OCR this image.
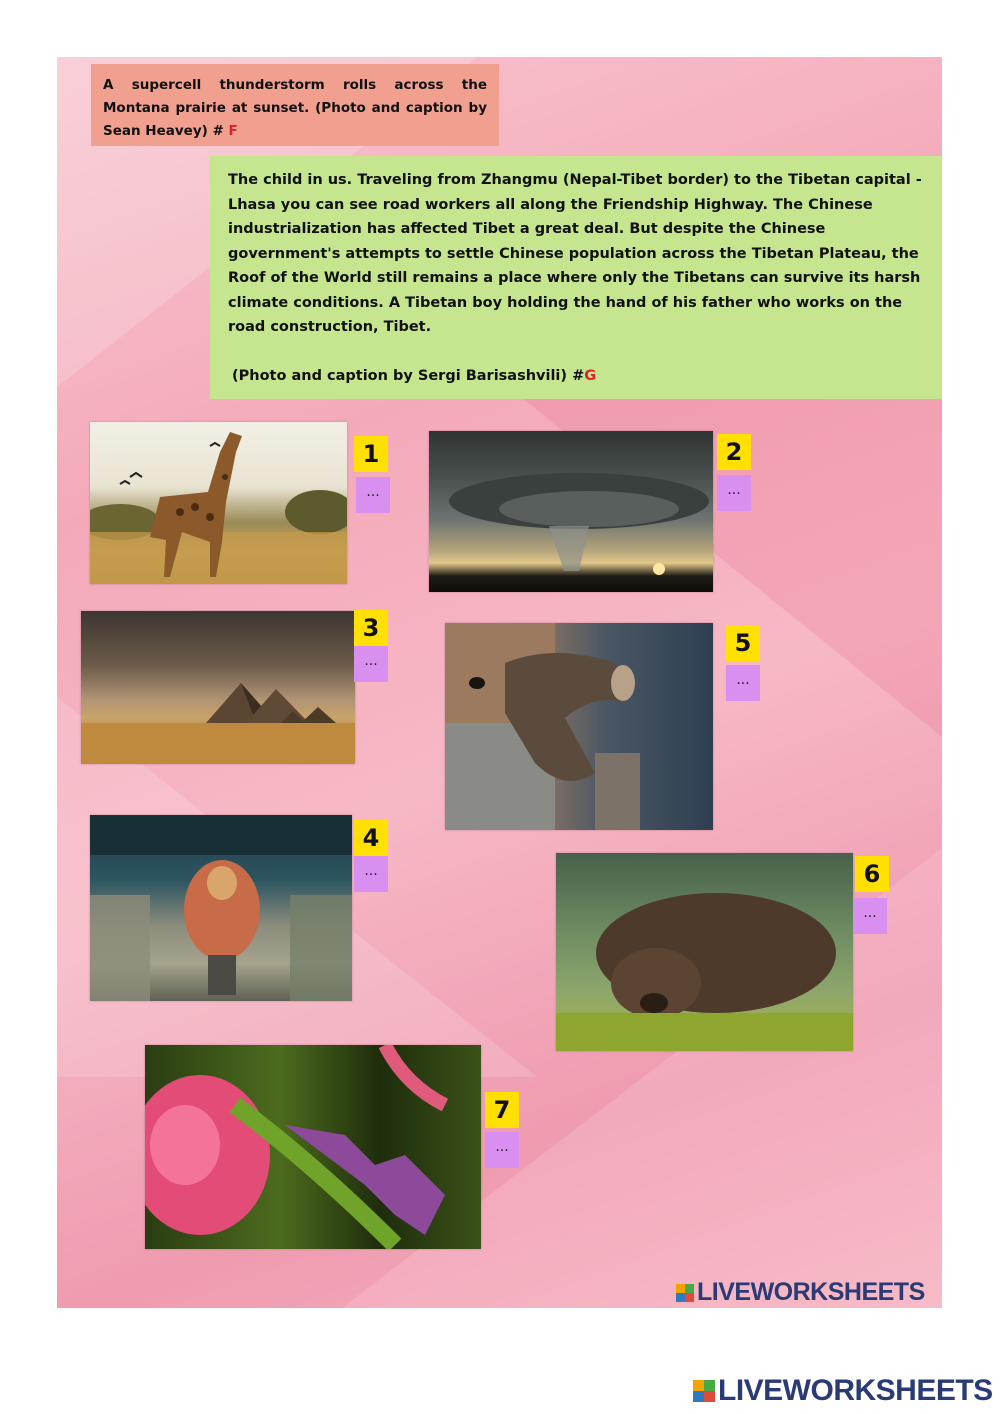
A supercell thunderstorm rolls across the Montana prairie at sunset. (Photo and caption by Sean Heavey) # F
The child in us. Traveling from Zhangmu (Nepal-Tibet border) to the Tibetan capital - Lhasa you can see road workers all along the Friendship Highway. The Chinese industrialization has affected Tibet a great deal. But despite the Chinese government's attempts to settle Chinese population across the Tibetan Plateau, the Roof of the World still remains a place where only the Tibetans can survive its harsh climate conditions. A Tibetan boy holding the hand of his father who works on the road construction, Tibet.
(Photo and caption by Sergi Barisashvili) #G
1
...
2
...
3
...
5
...
4
...	6
...
7
...
LIVEWORKSHEETS
LIVEWORKSHEETS
